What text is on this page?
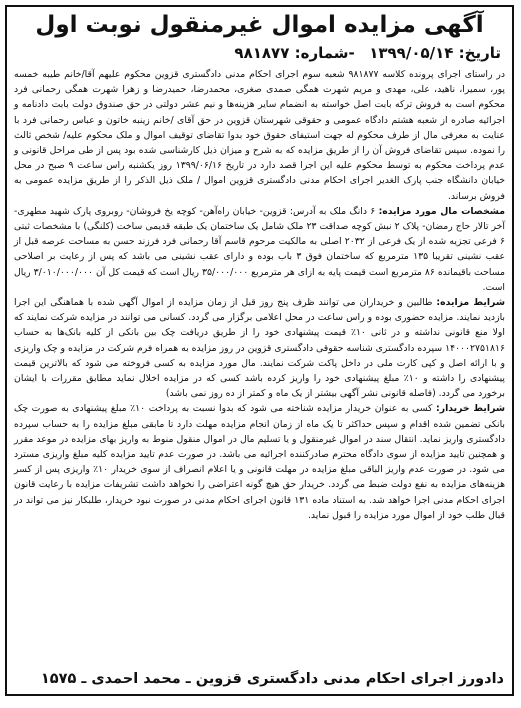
آگهی مزایده اموال غیرمنقول نوبت اول
تاریخ: ۱۳۹۹/۰۵/۱۴  -شماره: ۹۸۱۸۷۷

در راستای اجرای پرونده کلاسه ۹۸۱۸۷۷ شعبه سوم اجرای احکام مدنی دادگستری قزوین محکوم علیهم آقا/خانم طیبه خمسه پور، سمیرا، ناهید، علی، مهدی و مریم شهرت همگی صمدی صغری، محمدرضا، حمیدرضا و زهرا شهرت همگی رحمانی فرد محکوم است به فروش ترکه بابت اصل خواسته به انضمام سایر هزینه‌ها و نیم عشر دولتی در حق صندوق دولت بابت دادنامه و اجرائیه صادره از شعبه هشتم دادگاه عمومی و حقوقی شهرستان قزوین در حق آقای /خانم زینبه خاتون و عباس رحمانی فرد با عنایت به معرفی مال از طرف محکوم له جهت استیفای حقوق خود بدوا تقاضای توقیف اموال و ملک محکوم علیه/ شخص ثالث را نموده. سپس تقاضای فروش آن را از طریق مزایده که به شرح و میزان ذیل کارشناسی شده بود پس از طی مراحل قانونی و عدم پرداخت محکوم به توسط محکوم علیه این اجرا قصد دارد در تاریخ ۱۳۹۹/۰۶/۱۶ روز یکشنبه راس ساعت ۹ صبح در محل خیابان دانشگاه جنب پارک الغدیر اجرای احکام مدنی دادگستری قزوین اموال / ملک ذیل الذکر را از طریق مزایده عمومی به فروش برساند.

مشخصات مال مورد مزایده: ۶ دانگ ملک به آدرس: قزوین- خیابان راه‌آهن- کوچه یخ فروشان- روبروی پارک شهید مطهری- آخر تالار حاج رمضان- پلاک ۲ نبش کوچه صداقت ۲۳ ملک شامل یک ساختمان یک طبقه قدیمی ساخت (کلنگی) با مشخصات ثبتی ۶ فرعی تجزیه شده از یک فرعی از ۲۰۳۲ اصلی به مالکیت مرحوم قاسم آقا رحمانی فرد فرزند حسن به مساحت عرصه قبل از عقب نشینی تقریبا ۱۳۵ مترمربع که ساختمان فوق ۳ باب بوده و دارای عقب نشینی می باشد که پس از رعایت بر اصلاحی مساحت باقیمانده ۸۶ مترمربع است قیمت پایه به ازای هر مترمربع ۳۵/۰۰۰/۰۰۰ ریال است که قیمت کل آن ۳/۰۱۰/۰۰۰/۰۰۰ ریال است.

شرایط مزایده: طالبین و خریداران می توانند ظرف پنج روز قبل از زمان مزایده از اموال آگهی شده با هماهنگی این اجرا بازدید نمایند. مزایده حضوری بوده و راس ساعت در محل اعلامی برگزار می گردد. کسانی می توانند در مزایده شرکت نمایند که اولا منع قانونی نداشته و در ثانی ۱۰٪ قیمت پیشنهادی خود را از طریق دریافت چک بین بانکی از کلیه بانک‌ها به حساب ۱۴۰۰۰۲۷۵۱۸۱۶ سپرده دادگستری شناسه حقوقی دادگستری قزوین در روز مزایده به همراه فرم شرکت در مزایده و چک واریزی و با ارائه اصل و کپی کارت ملی در داخل پاکت شرکت نمایند. مال مورد مزایده به کسی فروخته می شود که بالاترین قیمت پیشنهادی را داشته و ۱۰٪ مبلغ پیشنهادی خود را واریز کرده باشد کسی که در مزایده اخلال نماید مطابق مقررات با ایشان برخورد می گردد. (فاصله قانونی نشر آگهی بیشتر از یک ماه و کمتر از ده روز نمی باشد)

شرایط خریدار: کسی به عنوان خریدار مزایده شناخته می شود که بدوا نسبت به پرداخت ۱۰٪ مبلغ پیشنهادی به صورت چک بانکی تضمین شده اقدام و سپس حداکثر تا یک ماه از زمان انجام مزایده مهلت دارد تا مابقی مبلغ مزایده را به حساب سپرده دادگستری واریز نماید. انتقال سند در اموال غیرمنقول و یا تسلیم مال در اموال منقول منوط به واریز بهای مزایده در موعد مقرر و همچنین تایید مزایده از سوی دادگاه محترم صادرکننده اجرائیه می باشد. در صورت عدم تایید مزایده کلیه مبلغ واریزی مسترد می شود. در صورت عدم واریز الباقی مبلغ مزایده در مهلت قانونی و یا اعلام انصراف از سوی خریدار ۱۰٪ واریزی پس از کسر هزینه‌های مزایده به نفع دولت ضبط می گردد. خریدار حق هیچ گونه اعتراضی را نخواهد داشت تشریفات مزایده با رعایت قانون اجرای احکام مدنی اجرا خواهد شد. به استناد ماده ۱۳۱ قانون اجرای احکام مدنی در صورت نبود خریدار، طلبکار نیز می تواند در قبال طلب خود از اموال مورد مزایده را قبول نماید.

دادورز اجرای احکام مدنی دادگستری قزوین ـ محمد احمدی ـ ۱۵۷۵
